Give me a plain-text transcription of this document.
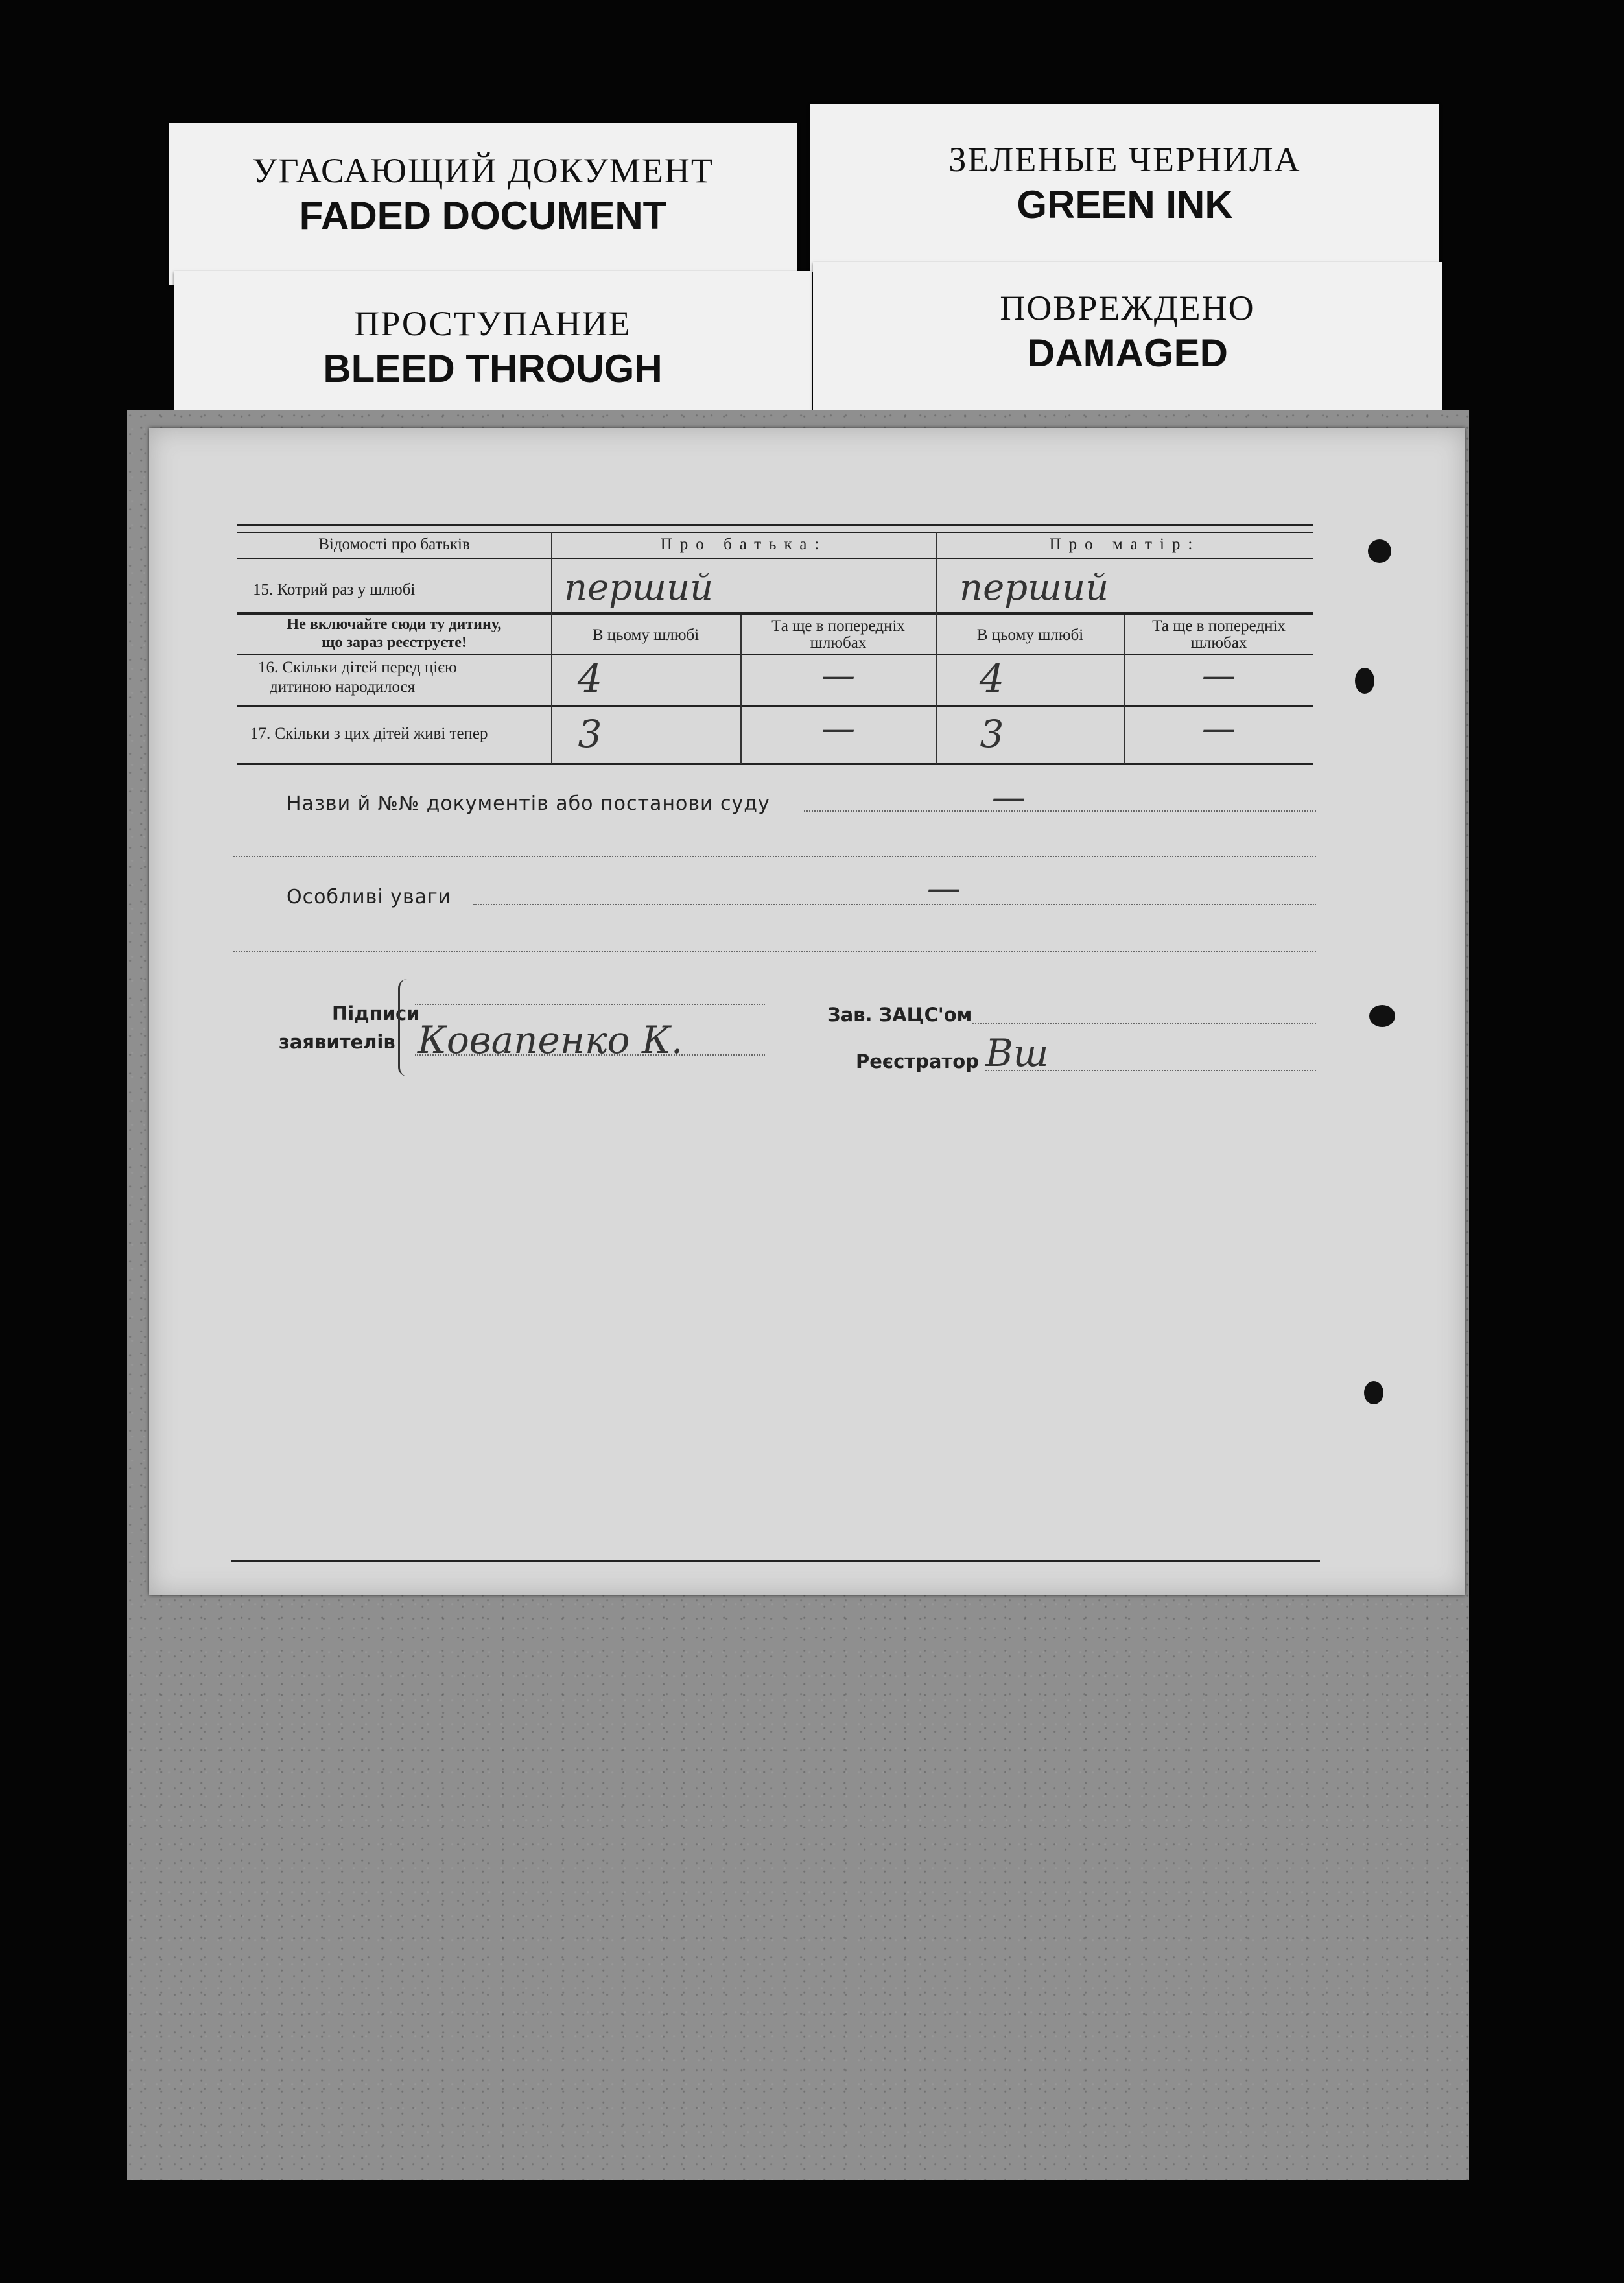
УГАСАЮЩИЙ ДОКУМЕНТ
FADED DOCUMENT
ЗЕЛЕНЫЕ ЧЕРНИЛА
GREEN INK
ПРОСТУПАНИЕ
BLEED THROUGH
ПОВРЕЖДЕНО
DAMAGED
Відомості про батьків	Про батька:	Про матір:
15. Котрий раз у шлюбі	перший	перший
Не включайте сюди ту дитину,
що зараз реєструєте!	В цьому шлюбі
Та ще в попередніх
шлюбах	В цьому шлюбі
Та ще в попередніх
шлюбах
16. Скільки дітей перед цією
дитиною народилося	4	—	4	—
17. Скільки з цих дітей живі тепер	3	—	3	—
Назви й №№ документів або постанови суду	—
Особливі уваги	—
Підписи
заявителів Ковапенко К.
Зав. ЗАЦС'ом
Реєстратор Вш
